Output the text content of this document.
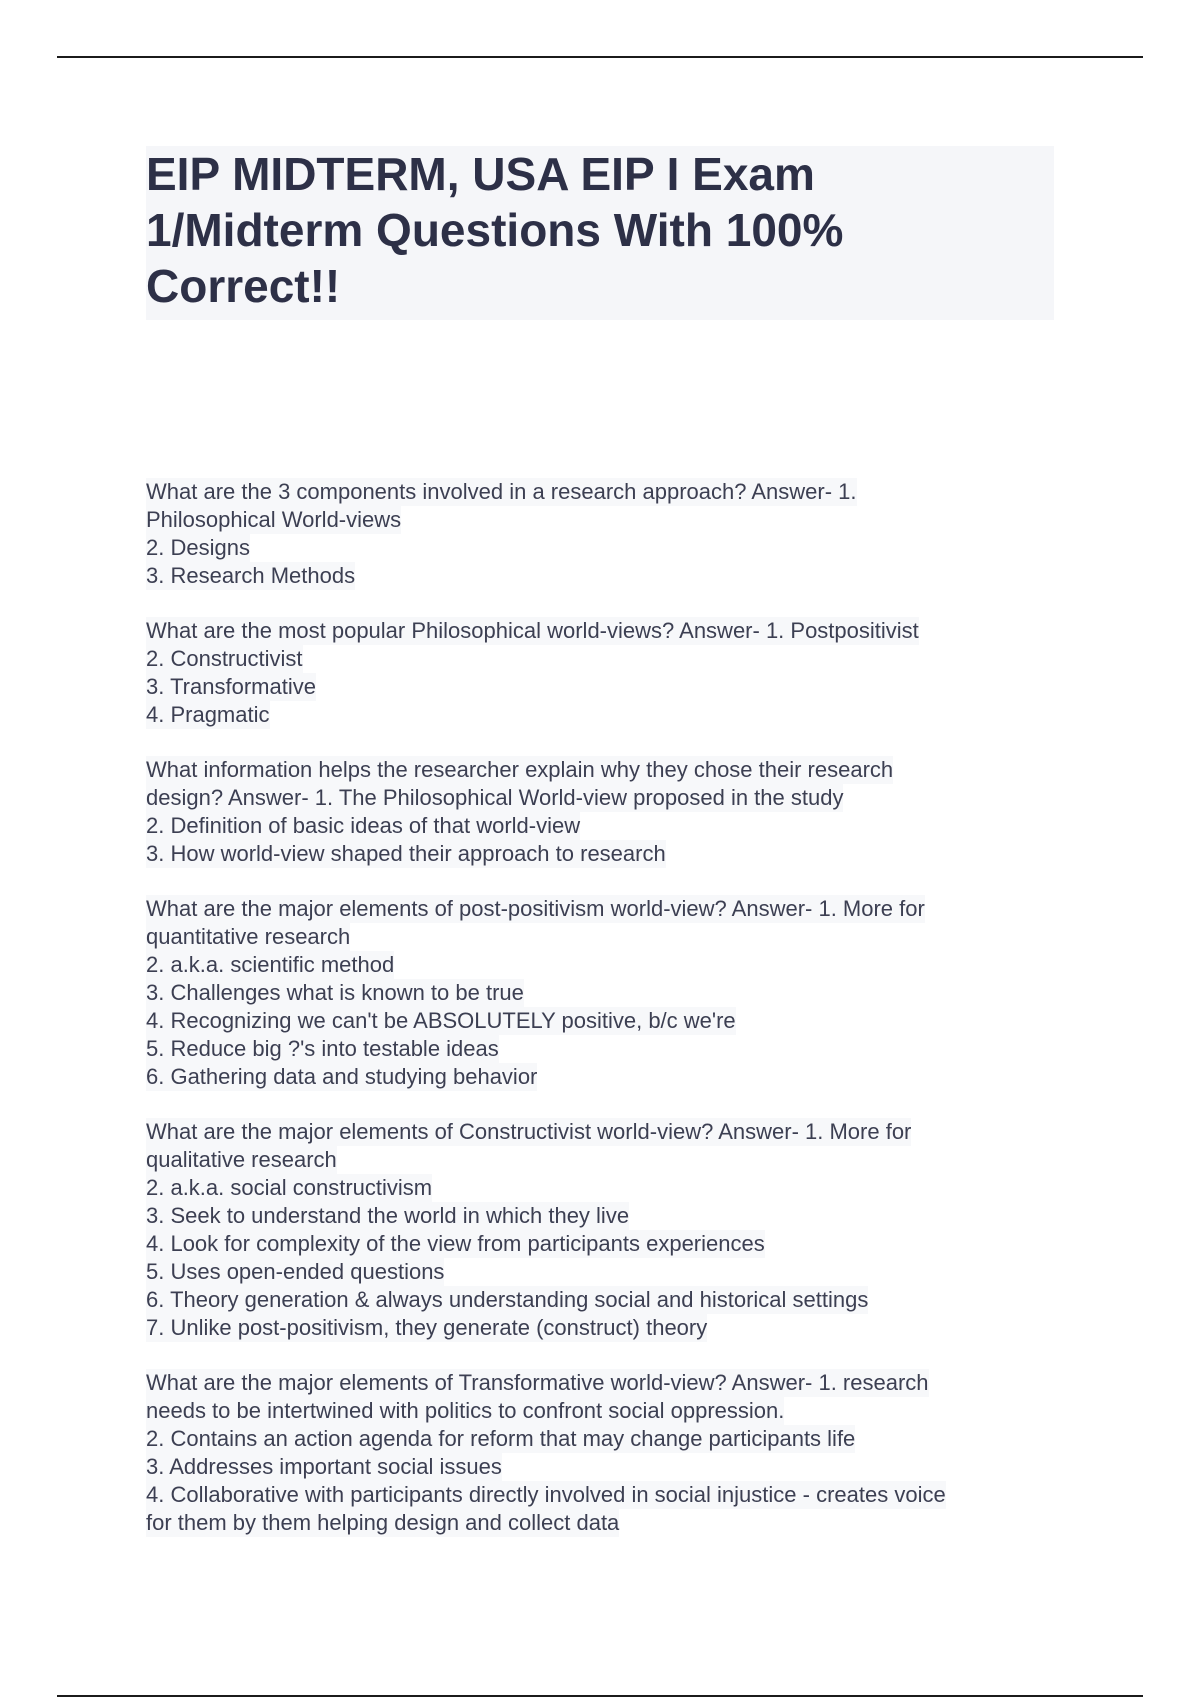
EIP MIDTERM, USA EIP I Exam
1/Midterm Questions With 100%
Correct!!
What are the 3 components involved in a research approach? Answer- 1.
Philosophical World-views
2. Designs
3. Research Methods
What are the most popular Philosophical world-views? Answer- 1. Postpositivist
2. Constructivist
3. Transformative
4. Pragmatic
What information helps the researcher explain why they chose their research
design? Answer- 1. The Philosophical World-view proposed in the study
2. Definition of basic ideas of that world-view
3. How world-view shaped their approach to research
What are the major elements of post-positivism world-view? Answer- 1. More for
quantitative research
2. a.k.a. scientific method
3. Challenges what is known to be true
4. Recognizing we can't be ABSOLUTELY positive, b/c we're
5. Reduce big ?'s into testable ideas
6. Gathering data and studying behavior
What are the major elements of Constructivist world-view? Answer- 1. More for
qualitative research
2. a.k.a. social constructivism
3. Seek to understand the world in which they live
4. Look for complexity of the view from participants experiences
5. Uses open-ended questions
6. Theory generation & always understanding social and historical settings
7. Unlike post-positivism, they generate (construct) theory
What are the major elements of Transformative world-view? Answer- 1. research
needs to be intertwined with politics to confront social oppression.
2. Contains an action agenda for reform that may change participants life
3. Addresses important social issues
4. Collaborative with participants directly involved in social injustice - creates voice
for them by them helping design and collect data
